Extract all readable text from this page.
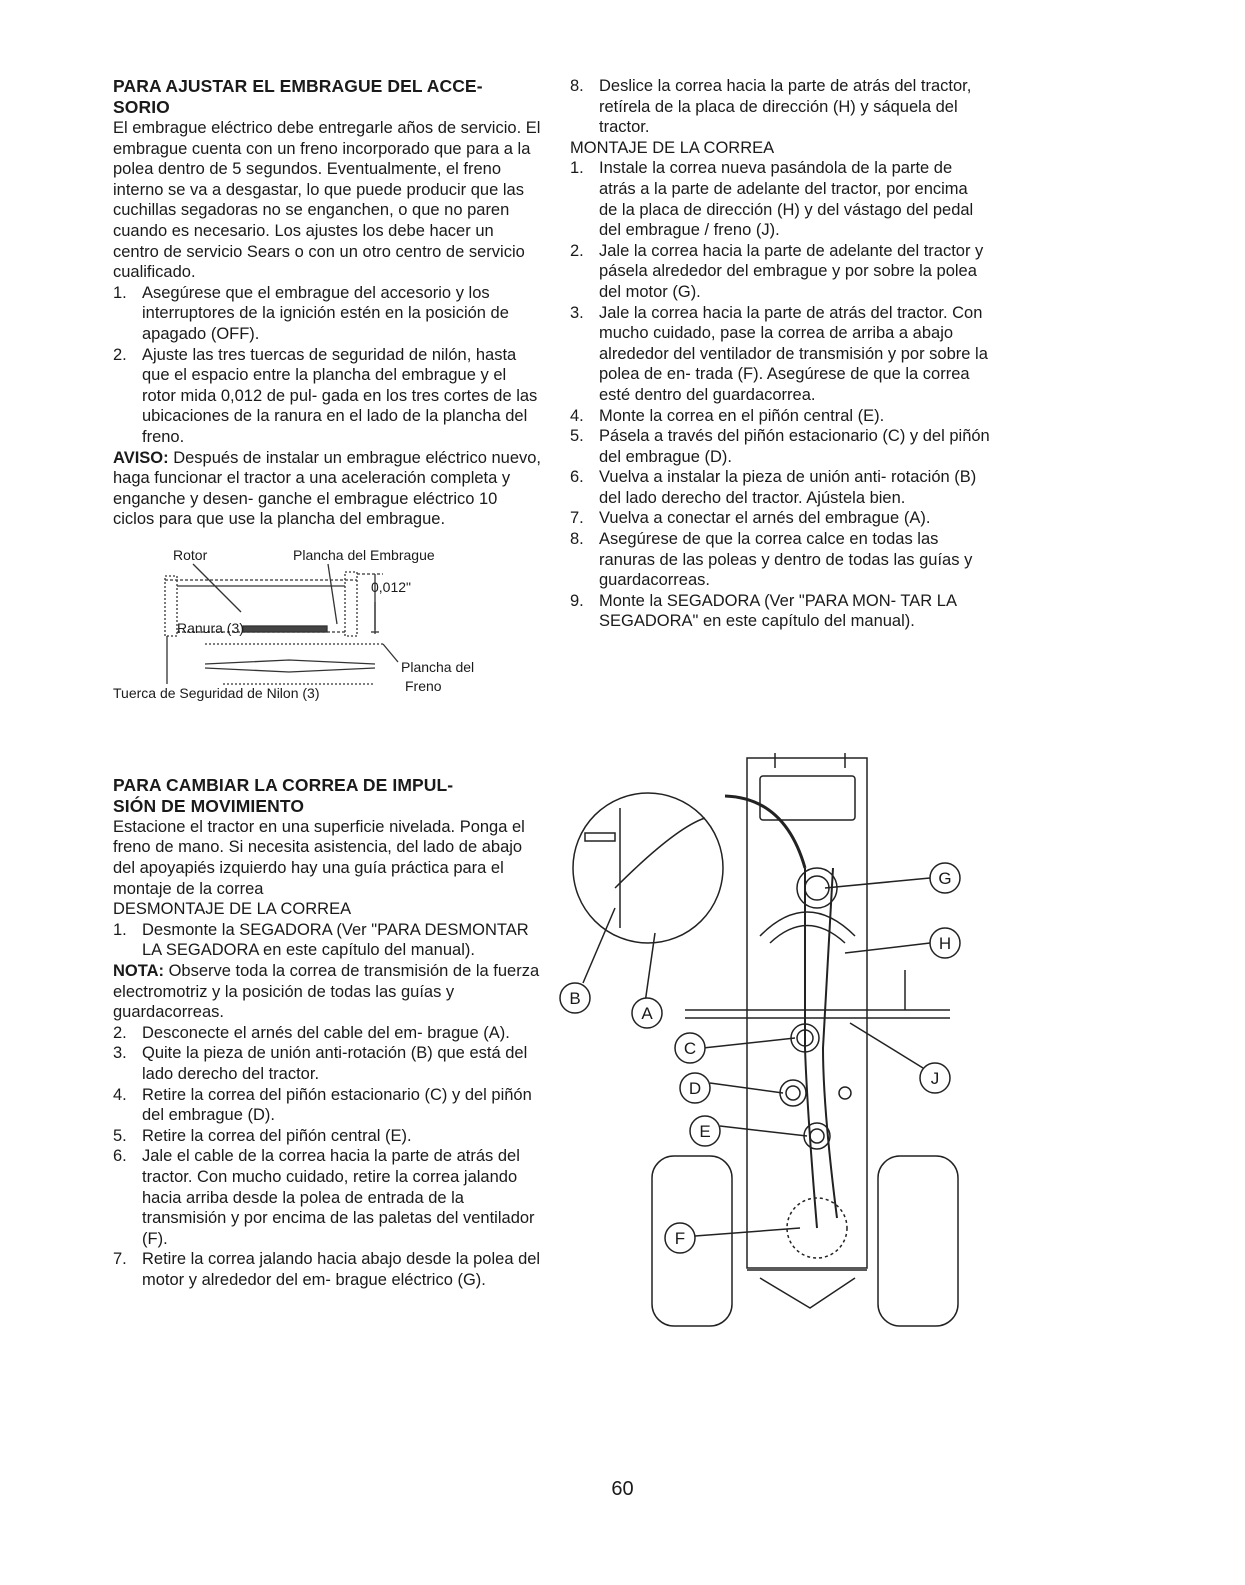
PARA AJUSTAR EL EMBRAGUE DEL ACCE- SORIO

El embrague eléctrico debe entregarle años de servicio. El embrague cuenta con un freno incorporado que para a la polea dentro de 5 segundos. Eventualmente, el freno interno se va a desgastar, lo que puede producir que las cuchillas segadoras no se enganchen, o que no paren cuando es necesario. Los ajustes los debe hacer un centro de servicio Sears o con un otro centro de servicio cualificado.

1. Asegúrese que el embrague del accesorio y los interruptores de la ignición estén en la posición de apagado (OFF).
2. Ajuste las tres tuercas de seguridad de nilón, hasta que el espacio entre la plancha del embrague y el rotor mida 0,012 de pul- gada en los tres cortes de las ubicaciones de la ranura en el lado de la plancha del freno.

AVISO: Después de instalar un embrague eléctrico nuevo, haga funcionar el tractor a una aceleración completa y enganche y desen- ganche el embrague eléctrico 10 ciclos para que use la plancha del embrague.

Rotor	Plancha del Embrague
0,012"
Ranura (3)
Plancha del
Freno
Tuerca de Seguridad de Nilon (3)
PARA CAMBIAR LA CORREA DE IMPUL-
SIÓN DE MOVIMIENTO

Estacione el tractor en una superficie nivelada. Ponga el freno de mano. Si necesita asistencia, del lado de abajo del apoyapiés izquierdo hay una guía práctica para el montaje de la correa

DESMONTAJE DE LA CORREA
1. Desmonte la SEGADORA (Ver "PARA DESMONTAR LA SEGADORA en este capítulo del manual).

NOTA: Observe toda la correa de transmisión de la fuerza electromotriz y la posición de todas las guías y guardacorreas.

2. Desconecte el arnés del cable del em- brague (A).
3. Quite la pieza de unión anti-rotación (B) que está del lado derecho del tractor.
4. Retire la correa del piñón estacionario (C) y del piñón del embrague (D).
5. Retire la correa del piñón central (E).
6. Jale el cable de la correa hacia la parte de atrás del tractor. Con mucho cuidado, retire la correa jalando hacia arriba desde la polea de entrada de la transmisión y por encima de las paletas del ventilador (F).
7. Retire la correa jalando hacia abajo desde la polea del motor y alrededor del em- brague eléctrico (G).
8. Deslice la correa hacia la parte de atrás del tractor, retírela de la placa de dirección (H) y sáquela del tractor.
MONTAJE DE LA CORREA
1. Instale la correa nueva pasándola de la parte de atrás a la parte de adelante del tractor, por encima de la placa de dirección (H) y del vástago del pedal del embrague / freno (J).
2. Jale la correa hacia la parte de adelante del tractor y pásela alrededor del embrague y por sobre la polea del motor (G).
3. Jale la correa hacia la parte de atrás del tractor. Con mucho cuidado, pase la correa de arriba a abajo alrededor del ventilador de transmisión y por sobre la polea de en- trada (F). Asegúrese de que la correa esté dentro del guardacorrea.
4. Monte la correa en el piñón central (E).
5. Pásela a través del piñón estacionario (C) y del piñón del embrague (D).
6. Vuelva a instalar la pieza de unión anti- rotación (B) del lado derecho del tractor. Ajústela bien.
7. Vuelva a conectar el arnés del embrague (A).
8. Asegúrese de que la correa calce en todas las ranuras de las poleas y dentro de todas las guías y guardacorreas.
9. Monte la SEGADORA (Ver "PARA MON- TAR LA SEGADORA" en este capítulo del manual).
G
H
B
A
J
C
D
E
F
60
